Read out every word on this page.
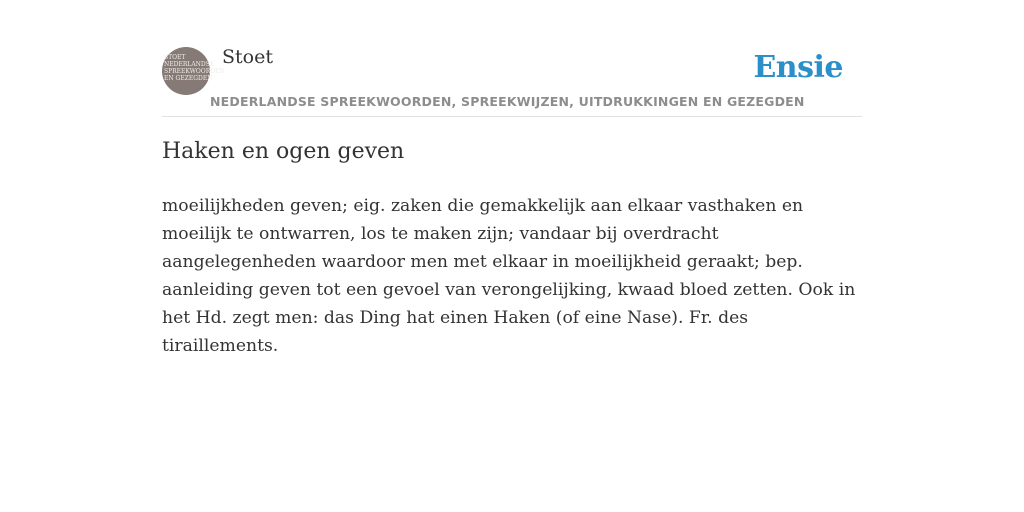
STOET
NEDERLANDSE
SPREEKWOORDEN
EN GEZEGDEN
Stoet	Ensie
NEDERLANDSE SPREEKWOORDEN, SPREEKWIJZEN, UITDRUKKINGEN EN GEZEGDEN
Haken en ogen geven

moeilijkheden geven; eig. zaken die gemakkelijk aan elkaar vasthaken en moeilijk te ontwarren, los te maken zijn; vandaar bij overdracht aangelegenheden waardoor men met elkaar in moeilijkheid geraakt; bep. aanleiding geven tot een gevoel van verongelijking, kwaad bloed zetten. Ook in het Hd. zegt men: das Ding hat einen Haken (of eine Nase). Fr. des tiraillements.
